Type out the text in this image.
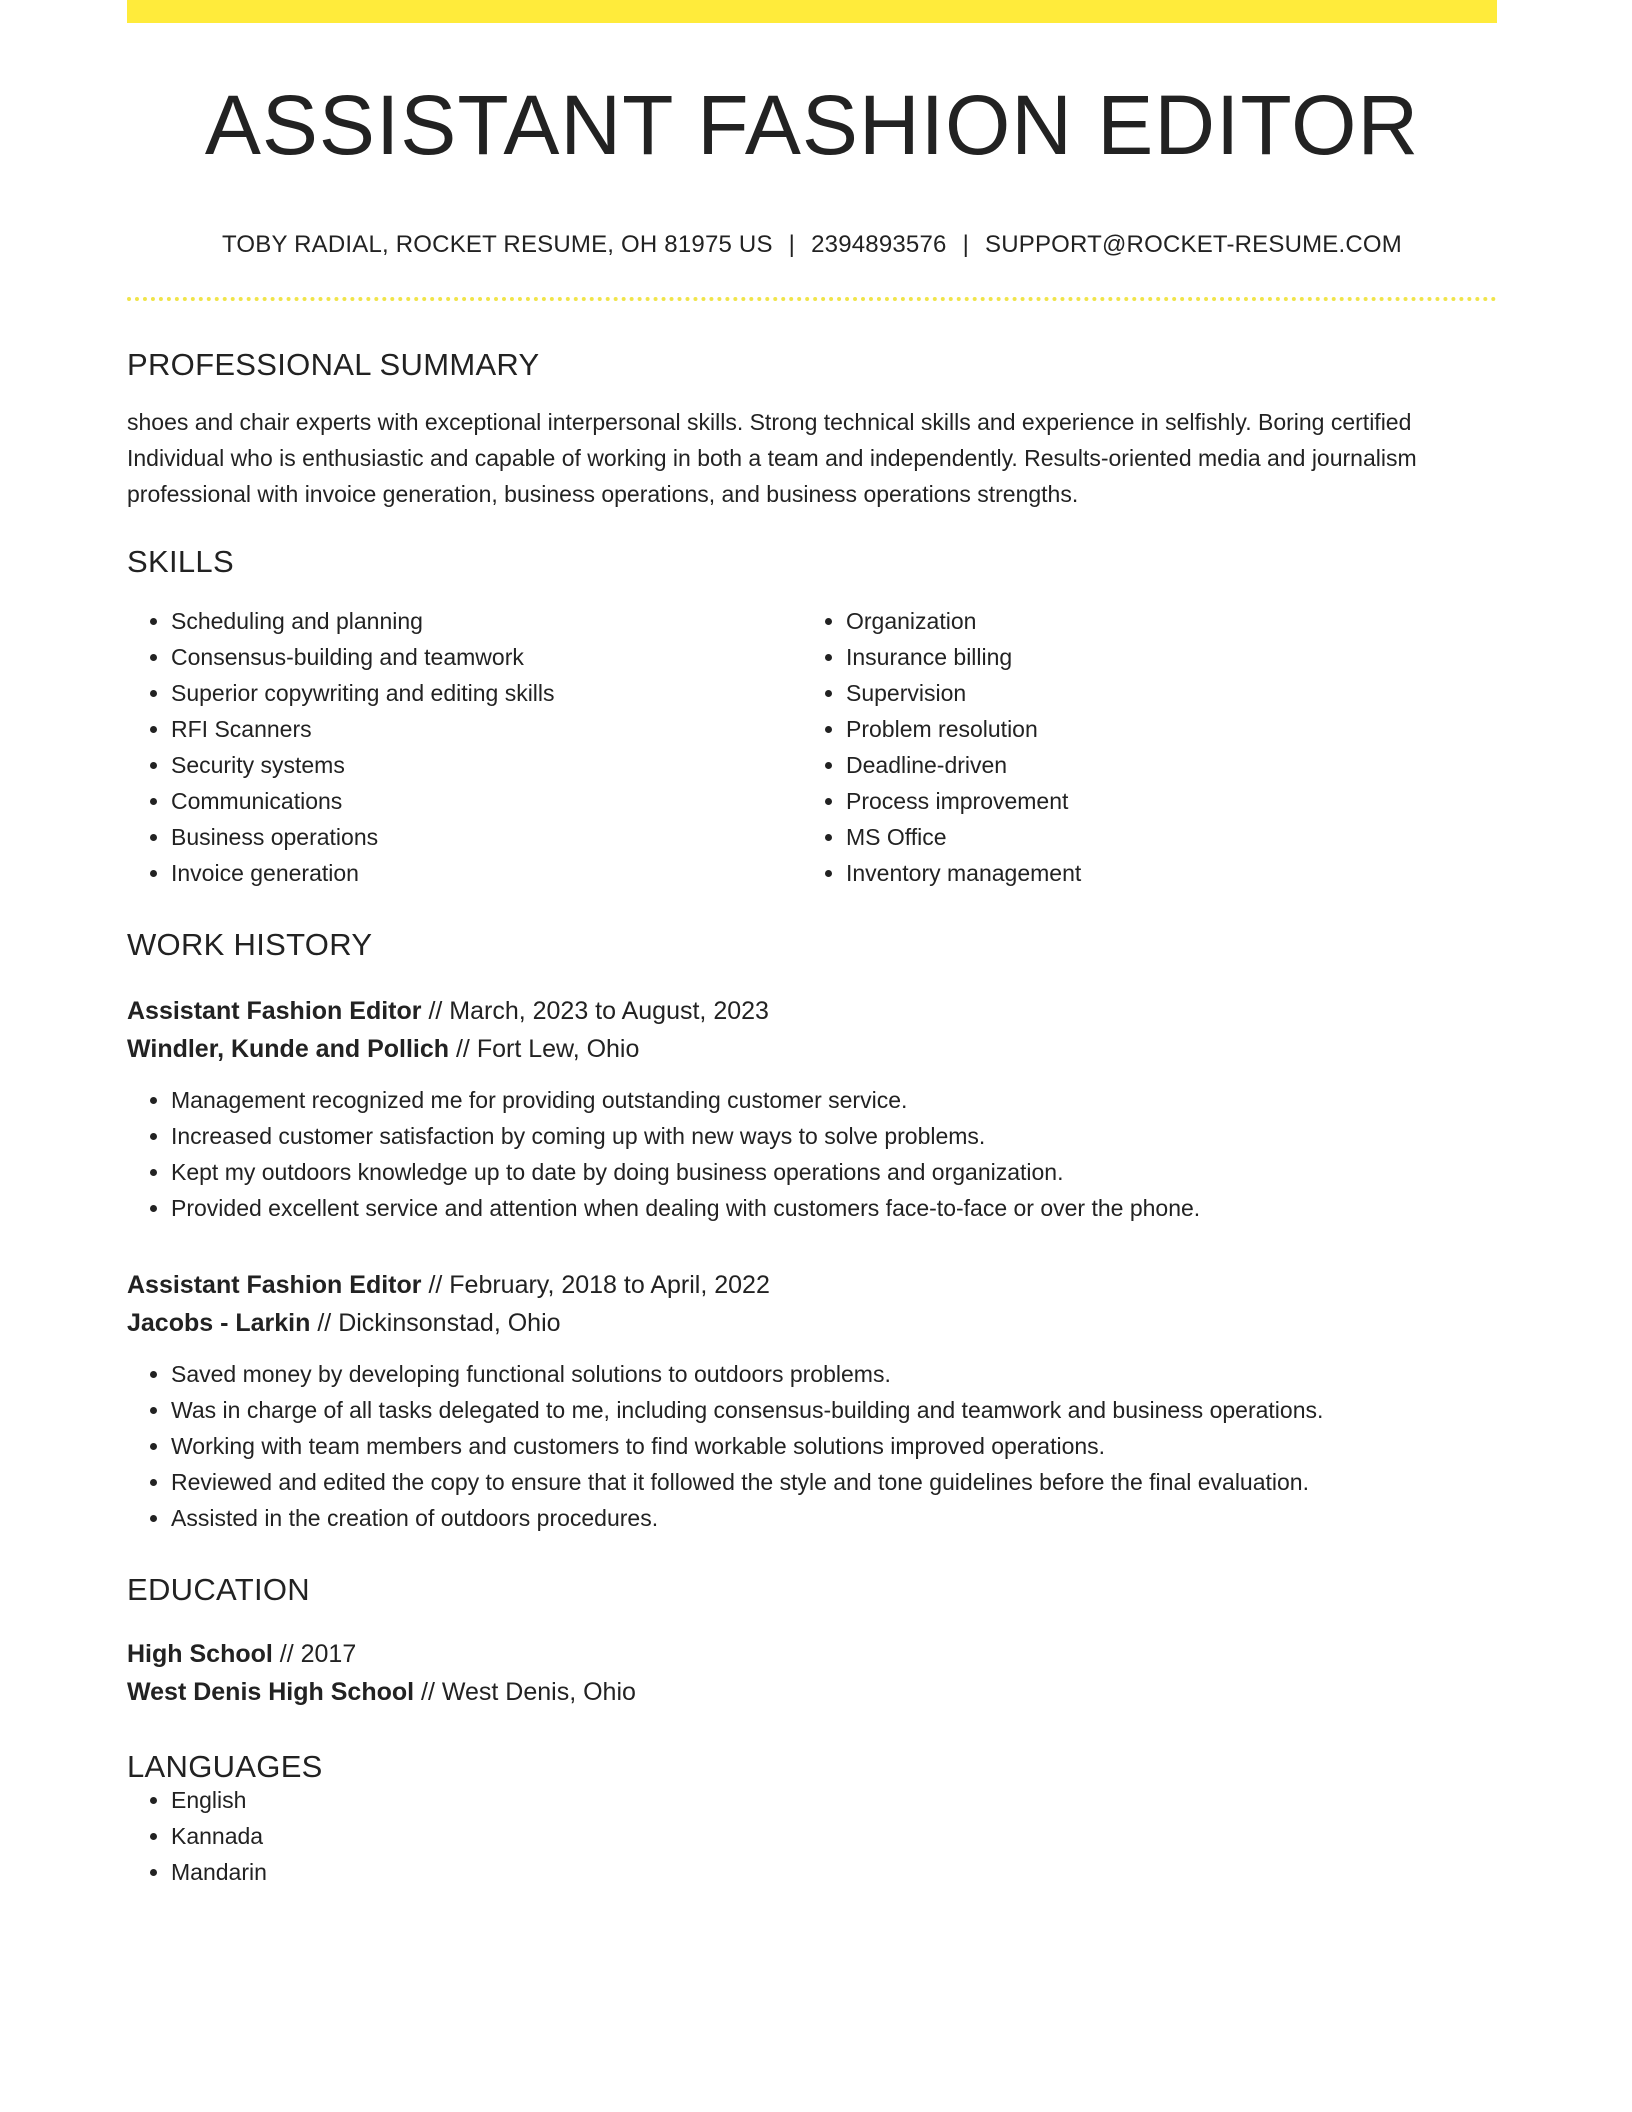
ASSISTANT FASHION EDITOR
TOBY RADIAL, ROCKET RESUME, OH 81975 US | 2394893576 | SUPPORT@ROCKET-RESUME.COM
PROFESSIONAL SUMMARY
shoes and chair experts with exceptional interpersonal skills. Strong technical skills and experience in selfishly. Boring certified Individual who is enthusiastic and capable of working in both a team and independently. Results-oriented media and journalism professional with invoice generation, business operations, and business operations strengths.
SKILLS
• Scheduling and planning
• Consensus-building and teamwork
• Superior copywriting and editing skills
• RFI Scanners
• Security systems
• Communications
• Business operations
• Invoice generation
• Organization
• Insurance billing
• Supervision
• Problem resolution
• Deadline-driven
• Process improvement
• MS Office
• Inventory management
WORK HISTORY
Assistant Fashion Editor // March, 2023 to August, 2023
Windler, Kunde and Pollich // Fort Lew, Ohio
• Management recognized me for providing outstanding customer service.
• Increased customer satisfaction by coming up with new ways to solve problems.
• Kept my outdoors knowledge up to date by doing business operations and organization.
• Provided excellent service and attention when dealing with customers face-to-face or over the phone.
Assistant Fashion Editor // February, 2018 to April, 2022
Jacobs - Larkin // Dickinsonstad, Ohio
• Saved money by developing functional solutions to outdoors problems.
• Was in charge of all tasks delegated to me, including consensus-building and teamwork and business operations.
• Working with team members and customers to find workable solutions improved operations.
• Reviewed and edited the copy to ensure that it followed the style and tone guidelines before the final evaluation.
• Assisted in the creation of outdoors procedures.
EDUCATION
High School // 2017
West Denis High School // West Denis, Ohio
LANGUAGES
• English
• Kannada
• Mandarin
